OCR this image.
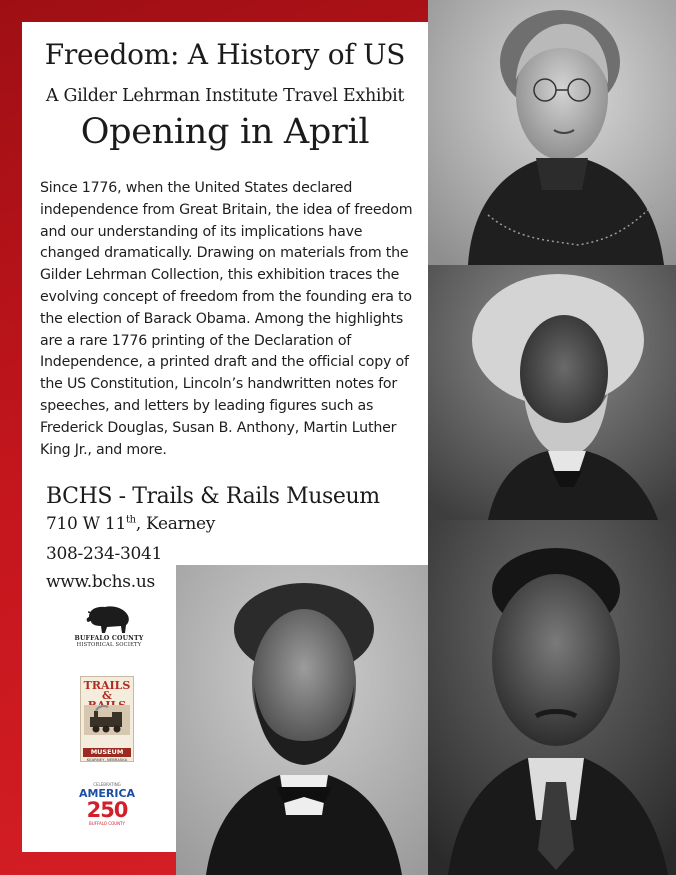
Freedom: A History of US
A Gilder Lehrman Institute Travel Exhibit
Opening in April
Since 1776, when the United States declared independence from Great Britain, the idea of freedom and our understanding of its implications have changed dramatically. Drawing on materials from the Gilder Lehrman Collection, this exhibition traces the evolving concept of freedom from the founding era to the election of Barack Obama. Among the highlights are a rare 1776 printing of the Declaration of Independence, a printed draft and the official copy of the US Constitution, Lincoln’s handwritten notes for speeches, and letters by leading figures such as Frederick Douglas, Susan B. Anthony, Martin Luther King Jr., and more.
BCHS - Trails & Rails Museum
710 W 11th, Kearney
308-234-3041
www.bchs.us
BUFFALO COUNTY
HISTORICAL SOCIETY
TRAILS &
MUSEUM
KEARNEY, NEBRASKA
CELEBRATING
AMERICA
250
BUFFALO COUNTY
